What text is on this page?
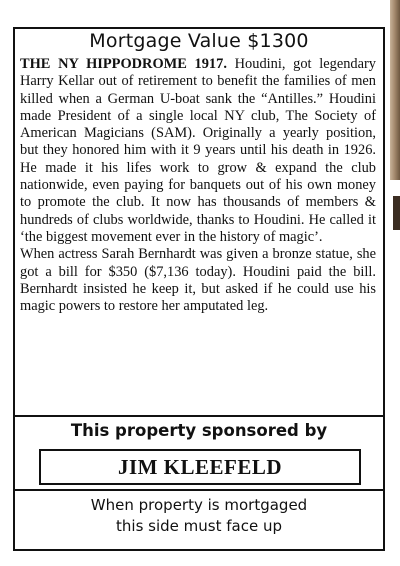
Mortgage Value $1300

THE NY HIPPODROME 1917. Houdini, got legendary Harry Kellar out of retirement to benefit the families of men killed when a German U-boat sank the “Antilles.” Houdini made President of a single local NY club, The Society of American Magicians (SAM). Originally a yearly position, but they honored him with it 9 years until his death in 1926. He made it his lifes work to grow & expand the club nationwide, even paying for banquets out of his own money to promote the club. It now has thousands of members & hundreds of clubs worldwide, thanks to Houdini. He called it ‘the biggest movement ever in the history of magic’.

When actress Sarah Bernhardt was given a bronze statue, she got a bill for $350 ($7,136 today). Houdini paid the bill. Bernhardt insisted he keep it, but asked if he could use his magic powers to restore her amputated leg.

This property sponsored by
JIM KLEEFELD
When property is mortgaged
this side must face up
